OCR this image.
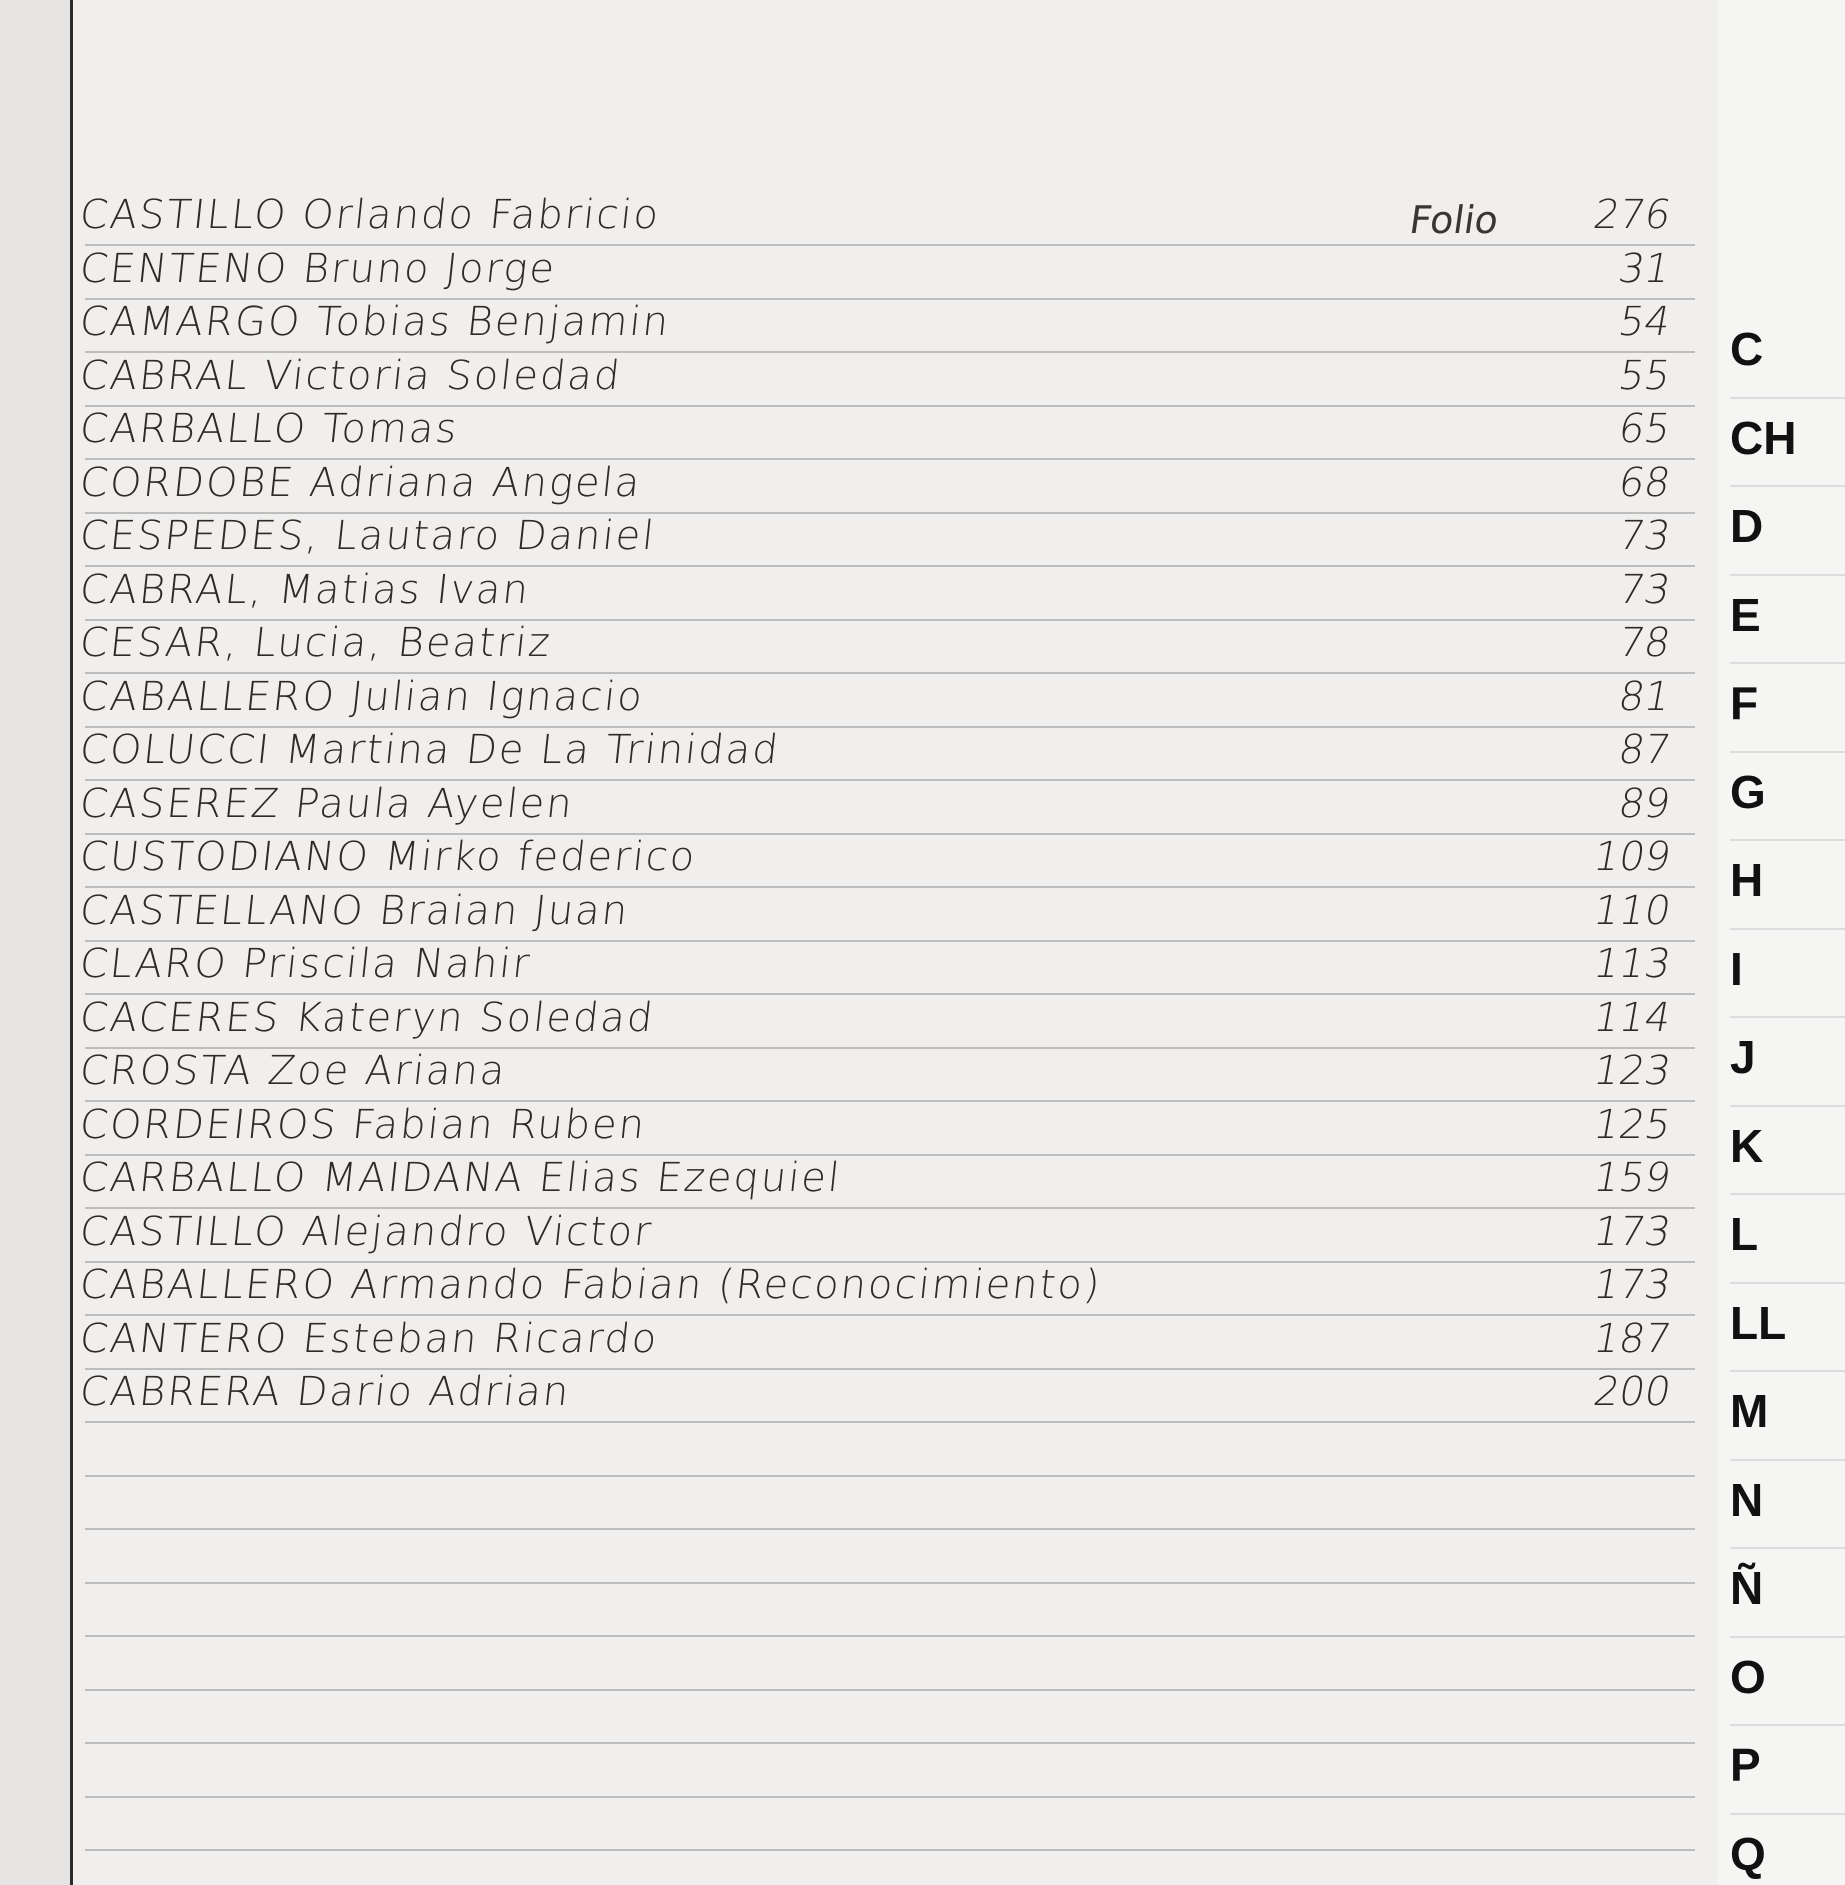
Folio
CASTILLO Orlando Fabricio	276
CENTENO Bruno Jorge	31
CAMARGO Tobias Benjamin	54
CABRAL Victoria Soledad	55
CARBALLO Tomas	65
CORDOBE Adriana Angela	68
CESPEDES, Lautaro Daniel	73
CABRAL, Matias Ivan	73
CESAR, Lucia, Beatriz	78
CABALLERO Julian Ignacio	81
COLUCCI Martina De La Trinidad	87
CASEREZ Paula Ayelen	89
CUSTODIANO Mirko federico	109
CASTELLANO Braian Juan	110
CLARO Priscila Nahir	113
CACERES Kateryn Soledad	114
CROSTA Zoe Ariana	123
CORDEIROS Fabian Ruben	125
CARBALLO MAIDANA Elias Ezequiel	159
CASTILLO Alejandro Victor	173
CABALLERO Armando Fabian (Reconocimiento)	173
CANTERO Esteban Ricardo	187
CABRERA Dario Adrian	200
C
CH
D
E
F
G
H
I
J
K
L
LL
M
N
Ñ
O
P
Q
